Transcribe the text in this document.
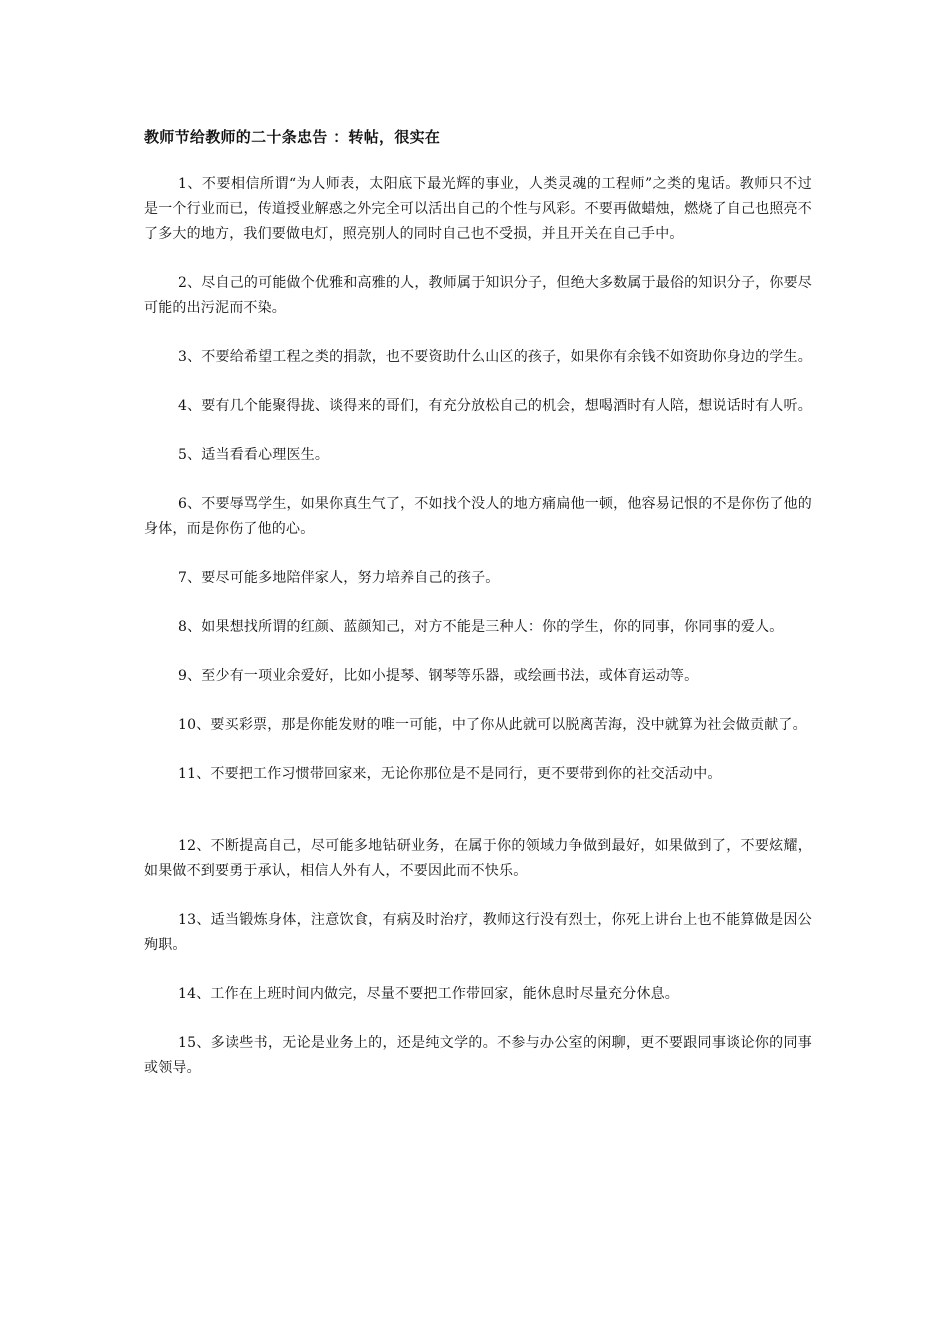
教师节给教师的二十条忠告 ：转帖，很实在

1、不要相信所谓“为人师表，太阳底下最光辉的事业，人类灵魂的工程师”之类的鬼话。教师只不过是一个行业而已，传道授业解惑之外完全可以活出自己的个性与风彩。不要再做蜡烛，燃烧了自己也照亮不了多大的地方，我们要做电灯，照亮别人的同时自己也不受损，并且开关在自己手中。

2、尽自己的可能做个优雅和高雅的人，教师属于知识分子，但绝大多数属于最俗的知识分子，你要尽可能的出污泥而不染。

3、不要给希望工程之类的捐款，也不要资助什么山区的孩子，如果你有余钱不如资助你身边的学生。

4、要有几个能聚得拢、谈得来的哥们，有充分放松自己的机会，想喝酒时有人陪，想说话时有人听。

5、适当看看心理医生。

6、不要辱骂学生，如果你真生气了，不如找个没人的地方痛扁他一顿，他容易记恨的不是你伤了他的身体，而是你伤了他的心。

7、要尽可能多地陪伴家人，努力培养自己的孩子。

8、如果想找所谓的红颜、蓝颜知己，对方不能是三种人：你的学生，你的同事，你同事的爱人。

9、至少有一项业余爱好，比如小提琴、钢琴等乐器，或绘画书法，或体育运动等。

10、要买彩票，那是你能发财的唯一可能，中了你从此就可以脱离苦海，没中就算为社会做贡献了。

11、不要把工作习惯带回家来，无论你那位是不是同行，更不要带到你的社交活动中。

12、不断提高自己，尽可能多地钻研业务，在属于你的领域力争做到最好，如果做到了，不要炫耀，如果做不到要勇于承认，相信人外有人，不要因此而不快乐。

13、适当锻炼身体，注意饮食，有病及时治疗，教师这行没有烈士，你死上讲台上也不能算做是因公殉职。

14、工作在上班时间内做完，尽量不要把工作带回家，能休息时尽量充分休息。

15、多读些书，无论是业务上的，还是纯文学的。不参与办公室的闲聊，更不要跟同事谈论你的同事或领导。
